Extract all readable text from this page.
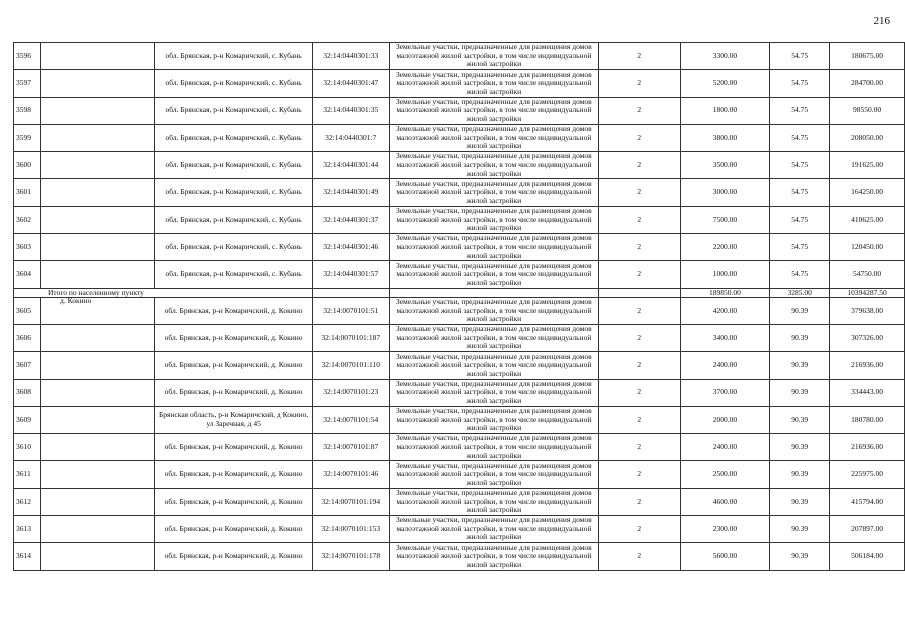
216
3596		обл. Брянская, р-н Комаричский, с. Кубань	32:14:0440301:33	Земельные участки, предназначенные для размещения домов малоэтажной жилой застройки, в том числе индивидуальной жилой застройки	2	3300.00	54.75	180675.00
3597		обл. Брянская, р-н Комаричский, с. Кубань	32:14:0440301:47	Земельные участки, предназначенные для размещения домов малоэтажной жилой застройки, в том числе индивидуальной жилой застройки	2	5200.00	54.75	284700.00
3598		обл. Брянская, р-н Комаричский, с. Кубань	32:14:0440301:35	Земельные участки, предназначенные для размещения домов малоэтажной жилой застройки, в том числе индивидуальной жилой застройки	2	1800.00	54.75	98550.00
3599		обл. Брянская, р-н Комаричский, с. Кубань	32:14:0440301:7	Земельные участки, предназначенные для размещения домов малоэтажной жилой застройки, в том числе индивидуальной жилой застройки	2	3800.00	54.75	208050.00
3600		обл. Брянская, р-н Комаричский, с. Кубань	32:14:0440301:44	Земельные участки, предназначенные для размещения домов малоэтажной жилой застройки, в том числе индивидуальной жилой застройки	2	3500.00	54.75	191625.00
3601		обл. Брянская, р-н Комаричский, с. Кубань	32:14:0440301:49	Земельные участки, предназначенные для размещения домов малоэтажной жилой застройки, в том числе индивидуальной жилой застройки	2	3000.00	54.75	164250.00
3602		обл. Брянская, р-н Комаричский, с. Кубань	32:14:0440301:37	Земельные участки, предназначенные для размещения домов малоэтажной жилой застройки, в том числе индивидуальной жилой застройки	2	7500.00	54.75	410625.00
3603		обл. Брянская, р-н Комаричский, с. Кубань	32:14:0440301:46	Земельные участки, предназначенные для размещения домов малоэтажной жилой застройки, в том числе индивидуальной жилой застройки	2	2200.00	54.75	120450.00
3604		обл. Брянская, р-н Комаричский, с. Кубань	32:14:0440301:57	Земельные участки, предназначенные для размещения домов малоэтажной жилой застройки, в том числе индивидуальной жилой застройки	2	1000.00	54.75	54750.00
Итого по населенному пункту						189850.00	3285.00	10394287.50
3605		обл. Брянская, р-н Комаричский, д. Кокино	32:14:0070101:51	Земельные участки, предназначенные для размещения домов малоэтажной жилой застройки, в том числе индивидуальной жилой застройки	2	4200.00	90.39	379638.00
3606		обл. Брянская, р-н Комаричский, д. Кокино	32:14:0070101:187	Земельные участки, предназначенные для размещения домов малоэтажной жилой застройки, в том числе индивидуальной жилой застройки	2	3400.00	90.39	307326.00
3607		обл. Брянская, р-н Комаричский, д. Кокино	32:14:0070101:110	Земельные участки, предназначенные для размещения домов малоэтажной жилой застройки, в том числе индивидуальной жилой застройки	2	2400.00	90.39	216936.00
3608		обл. Брянская, р-н Комаричский, д. Кокино	32:14:0070101:23	Земельные участки, предназначенные для размещения домов малоэтажной жилой застройки, в том числе индивидуальной жилой застройки	2	3700.00	90.39	334443.00
3609		Брянская область, р-н Комаричский, д Кокино, ул Заречная, д 45	32:14:0070101:54	Земельные участки, предназначенные для размещения домов малоэтажной жилой застройки, в том числе индивидуальной жилой застройки	2	2000.00	90.39	180780.00
3610		обл. Брянская, р-н Комаричский, д. Кокино	32:14:0070101:87	Земельные участки, предназначенные для размещения домов малоэтажной жилой застройки, в том числе индивидуальной жилой застройки	2	2400.00	90.39	216936.00
3611		обл. Брянская, р-н Комаричский, д. Кокино	32:14:0070101:46	Земельные участки, предназначенные для размещения домов малоэтажной жилой застройки, в том числе индивидуальной жилой застройки	2	2500.00	90.39	225975.00
3612		обл. Брянская, р-н Комаричский, д. Кокино	32:14:0070101:194	Земельные участки, предназначенные для размещения домов малоэтажной жилой застройки, в том числе индивидуальной жилой застройки	2	4600.00	90.39	415794.00
3613		обл. Брянская, р-н Комаричский, д. Кокино	32:14:0070101:153	Земельные участки, предназначенные для размещения домов малоэтажной жилой застройки, в том числе индивидуальной жилой застройки	2	2300.00	90.39	207897.00
3614		обл. Брянская, р-н Комаричский, д. Кокино	32:14:0070101:178	Земельные участки, предназначенные для размещения домов малоэтажной жилой застройки, в том числе индивидуальной жилой застройки	2	5600.00	90.39	506184.00
д. Кокино
